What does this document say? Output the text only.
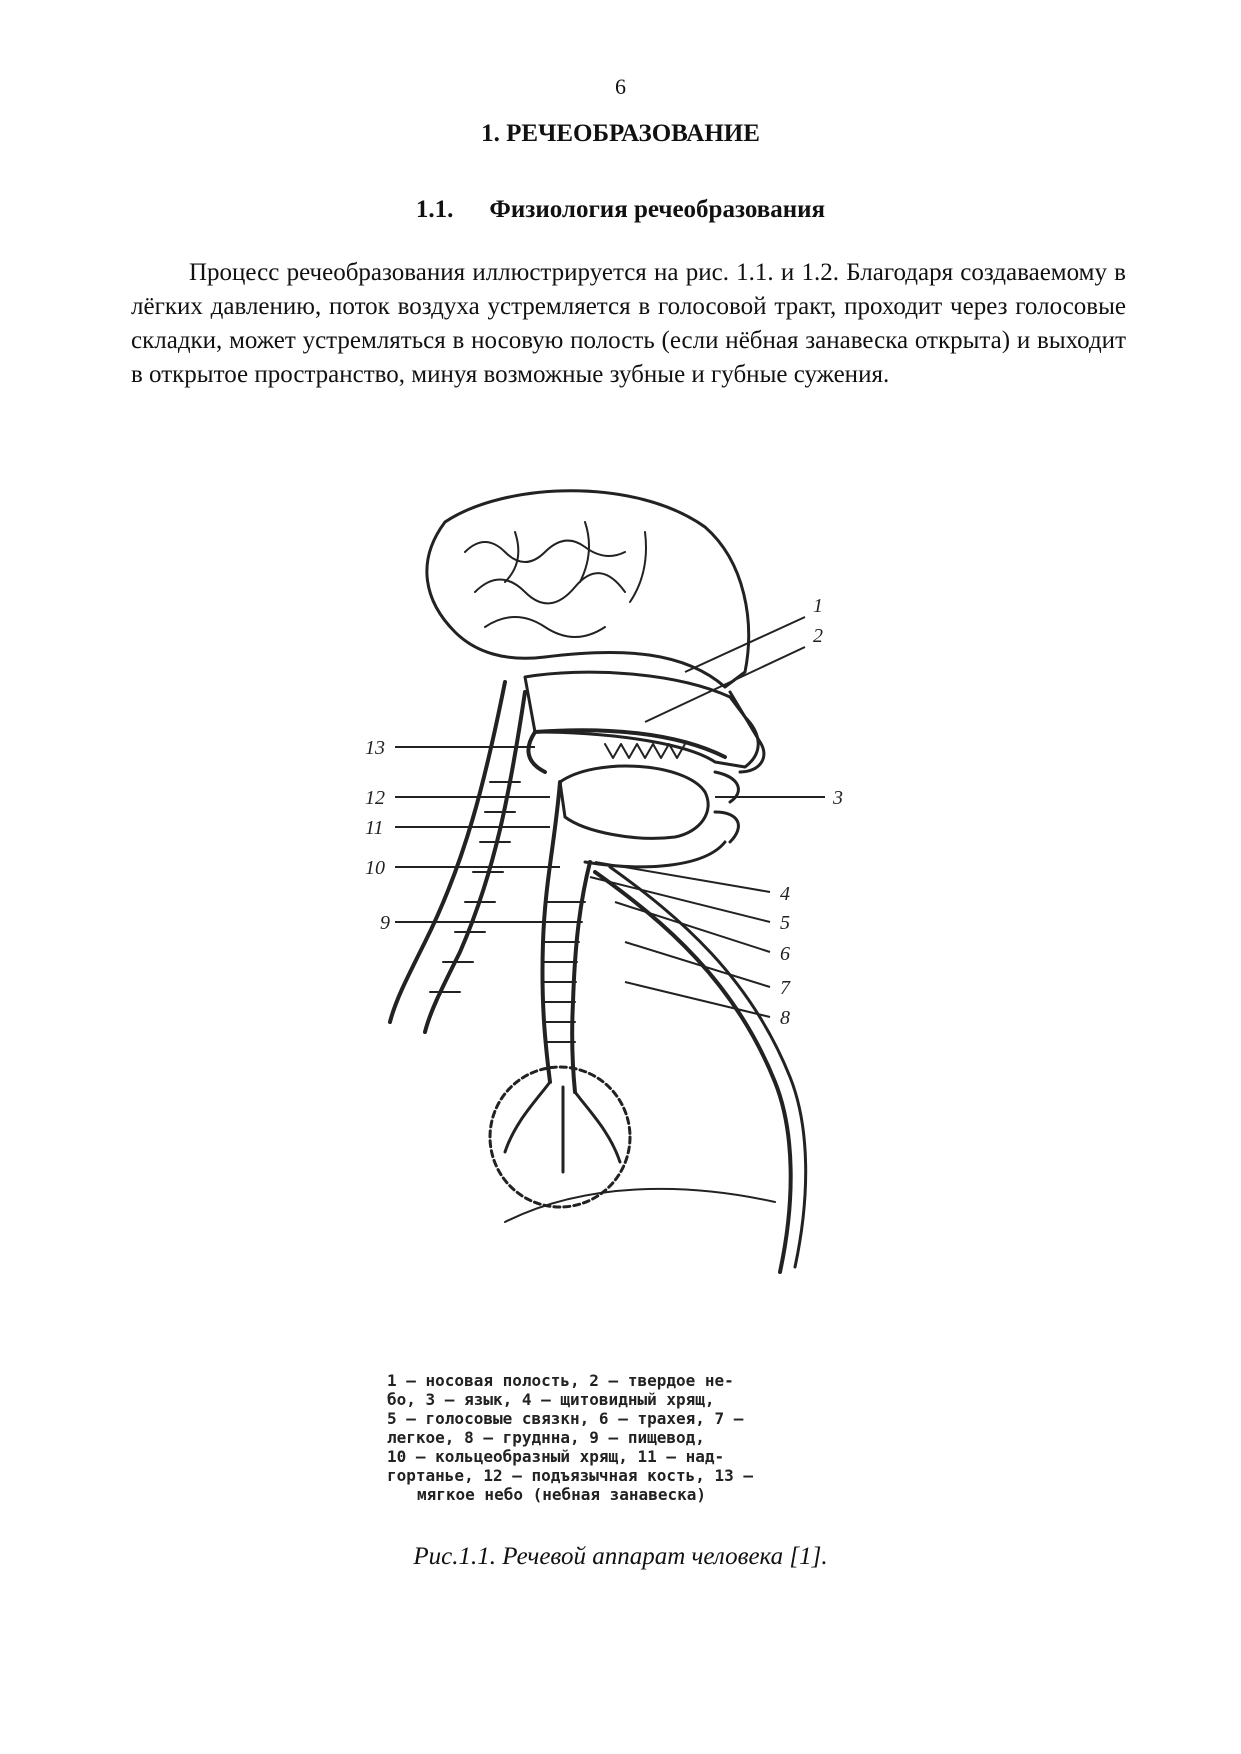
6
1. РЕЧЕОБРАЗОВАНИЕ
1.1. Физиология речеобразования

Процесс речеобразования иллюстрируется на рис. 1.1. и 1.2. Благодаря создаваемому в лёгких давлению, поток воздуха устремляется в голосовой тракт, проходит через голосовые складки, может устремляться в носовую полость (если нёбная занавеска открыта) и выходит в открытое пространство, минуя возможные зубные и губные сужения.

1
2
3
4
5
6
7
8
9
10
11
12
13
1 — носовая полость, 2 — твердое не-
бо, 3 — язык, 4 — щитовидный хрящ,
5 — голосовые связкн, 6 — трахея, 7 —
легкое, 8 — груднна, 9 — пищевод,
10 — кольцеобразный хрящ, 11 — над-
гортанье, 12 — подъязычная кость, 13 —
мягкое небо (небная занавеска)
Рис.1.1. Речевой аппарат человека [1].
